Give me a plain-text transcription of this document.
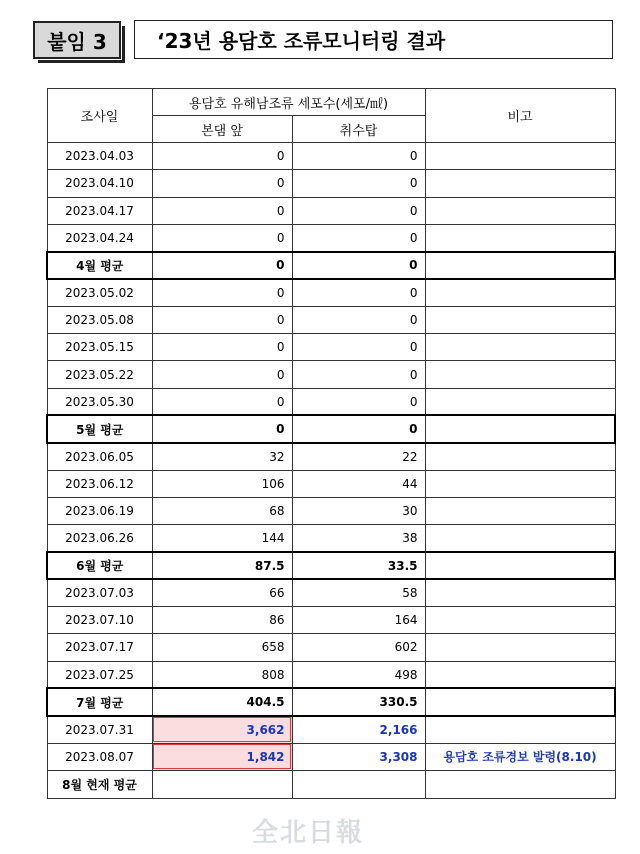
붙임 3	‘23년 용담호 조류모니터링 결과
조사일	용담호 유해남조류 세포수(세포/㎖)		비고
	본댐 앞	취수탑	
2023.04.03	0	0	
2023.04.10	0	0	
2023.04.17	0	0	
2023.04.24	0	0	
4월 평균	0	0	
2023.05.02	0	0	
2023.05.08	0	0	
2023.05.15	0	0	
2023.05.22	0	0	
2023.05.30	0	0	
5월 평균	0	0	
2023.06.05	32	22	
2023.06.12	106	44	
2023.06.19	68	30	
2023.06.26	144	38	
6월 평균	87.5	33.5	
2023.07.03	66	58	
2023.07.10	86	164	
2023.07.17	658	602	
2023.07.25	808	498	
7월 평균	404.5	330.5	
2023.07.31	3,662	2,166	
2023.08.07	1,842	3,308	용담호 조류경보 발령(8.10)
8월 현재 평균			
全北日報
